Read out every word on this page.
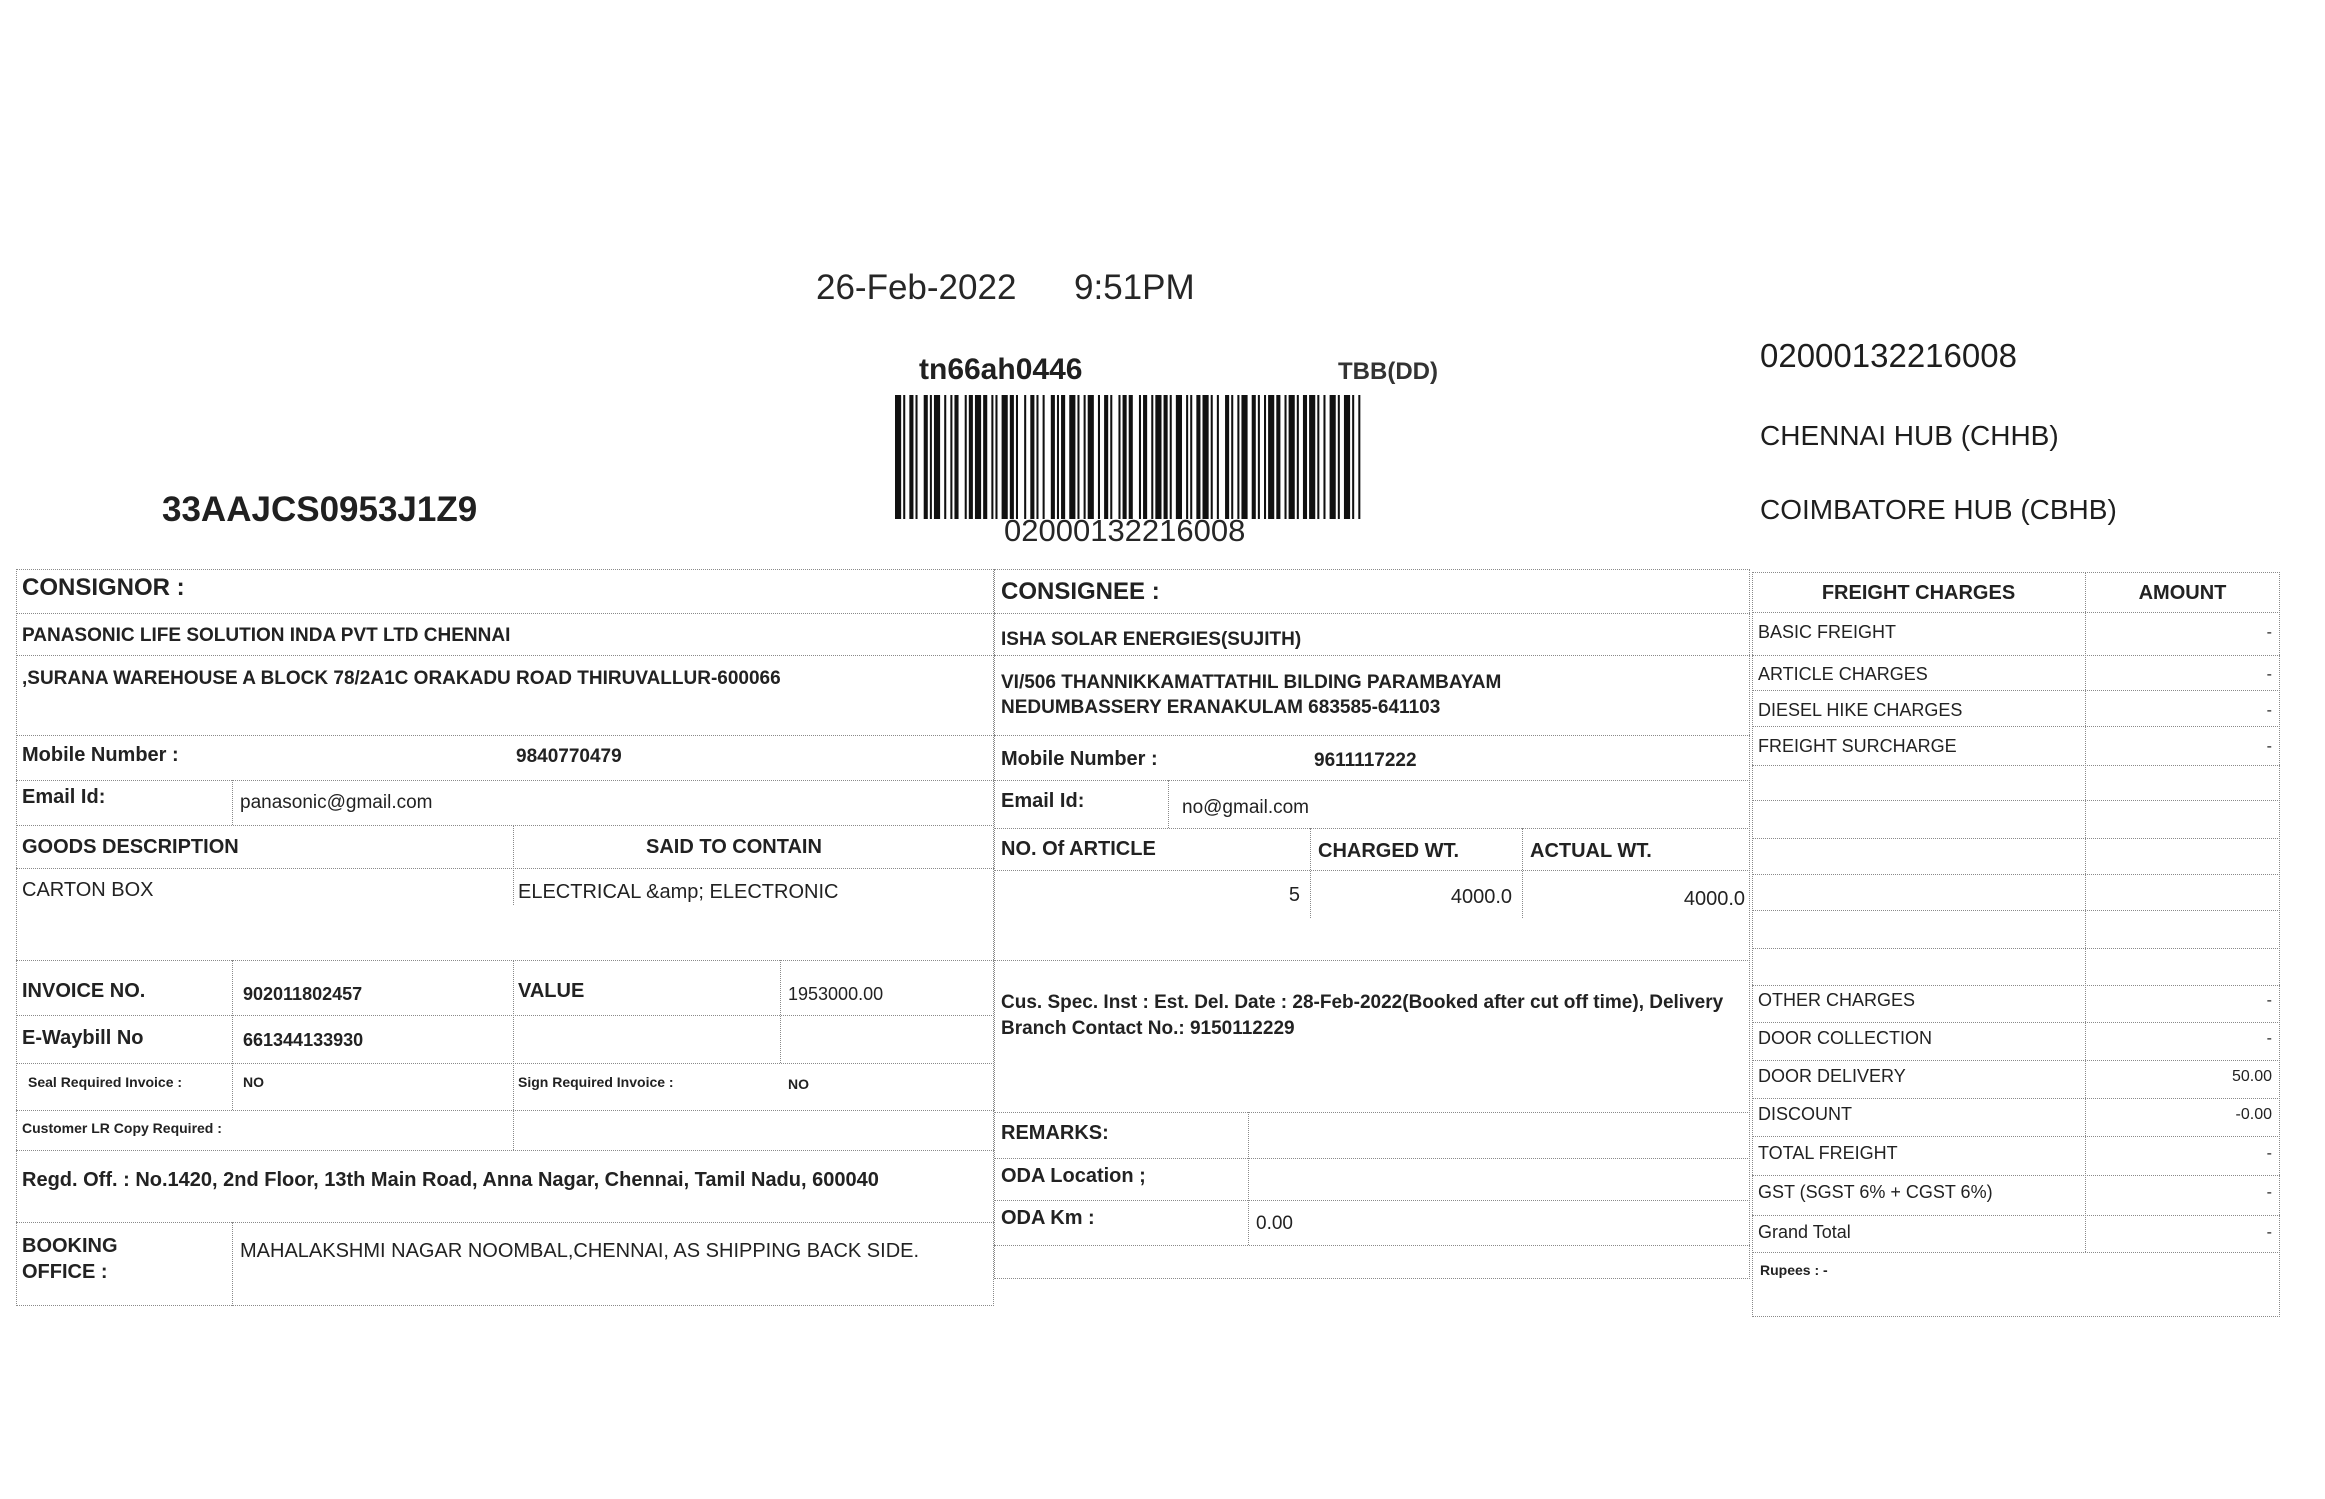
26-Feb-2022 9:51PM
tn66ah0446	TBB(DD)
02000132216008
02000132216008
CHENNAI HUB (CHHB)
COIMBATORE HUB (CBHB)
33AAJCS0953J1Z9
CONSIGNOR :
PANASONIC LIFE SOLUTION INDA PVT LTD CHENNAI
,SURANA WAREHOUSE A BLOCK 78/2A1C ORAKADU ROAD THIRUVALLUR-600066
Mobile Number :	9840770479
Email Id:	panasonic@gmail.com
GOODS DESCRIPTION	SAID TO CONTAIN
CARTON BOX	ELECTRICAL &amp; ELECTRONIC
INVOICE NO.	902011802457	VALUE	1953000.00
E-Waybill No	661344133930
Seal Required Invoice :	NO	Sign Required Invoice :	NO
Customer LR Copy Required :
Regd. Off. : No.1420, 2nd Floor, 13th Main Road, Anna Nagar, Chennai, Tamil Nadu, 600040
BOOKING
OFFICE :
MAHALAKSHMI NAGAR NOOMBAL,CHENNAI, AS SHIPPING BACK SIDE.
CONSIGNEE :
ISHA SOLAR ENERGIES(SUJITH)
VI/506 THANNIKKAMATTATHIL BILDING PARAMBAYAM
NEDUMBASSERY ERANAKULAM 683585-641103
Mobile Number :	9611117222
Email Id:	no@gmail.com
NO. Of ARTICLE	CHARGED WT.	ACTUAL WT.
5	4000.0	4000.0
Cus. Spec. Inst : Est. Del. Date : 28-Feb-2022(Booked after cut off time), Delivery Branch Contact No.: 9150112229
REMARKS:
ODA Location ;
ODA Km :	0.00
FREIGHT CHARGES	AMOUNT
BASIC FREIGHT	-
ARTICLE CHARGES	-
DIESEL HIKE CHARGES	-
FREIGHT SURCHARGE	-
OTHER CHARGES	-
DOOR COLLECTION	-
DOOR DELIVERY	50.00
DISCOUNT	-0.00
TOTAL FREIGHT	-
GST (SGST 6% + CGST 6%)	-
Grand Total	-
Rupees : -
